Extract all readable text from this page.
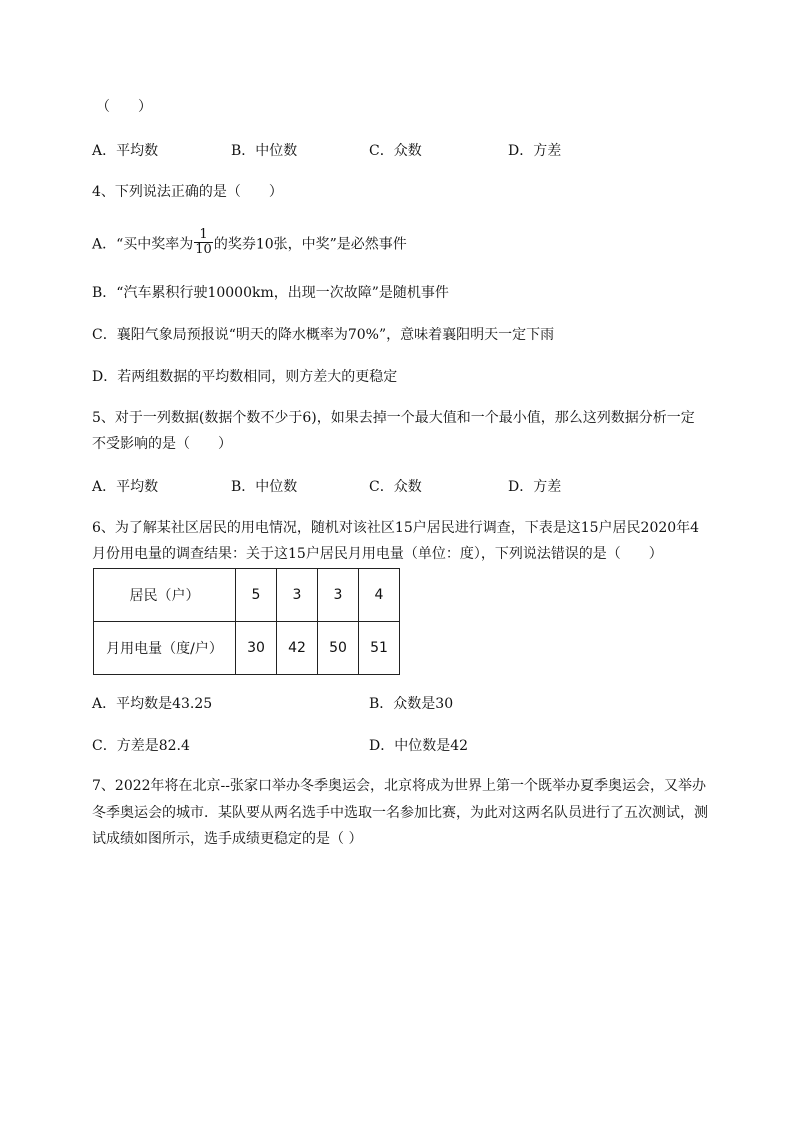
（　　）
A．平均数	B．中位数	C．众数	D．方差
4、下列说法正确的是（　　）
A．“买中奖率为 $\frac{1}{10}$ 的奖券10张，中奖”是必然事件
B．“汽车累积行驶10000km，出现一次故障”是随机事件
C．襄阳气象局预报说“明天的降水概率为70%”，意味着襄阳明天一定下雨
D．若两组数据的平均数相同，则方差大的更稳定
5、对于一列数据(数据个数不少于6)，如果去掉一个最大值和一个最小值，那么这列数据分析一定
不受影响的是（　　）
A．平均数	B．中位数	C．众数	D．方差
6、为了解某社区居民的用电情况，随机对该社区15户居民进行调查，下表是这15户居民2020年4
月份用电量的调查结果：关于这15户居民月用电量（单位：度），下列说法错误的是（　　）
居民（户）	5	3	3	4
月用电量（度/户）	30	42	50	51
A．平均数是43.25	B．众数是30
C．方差是82.4	D．中位数是42
7、2022年将在北京--张家口举办冬季奥运会，北京将成为世界上第一个既举办夏季奥运会，又举办
冬季奥运会的城市．某队要从两名选手中选取一名参加比赛，为此对这两名队员进行了五次测试，测
试成绩如图所示，选手成绩更稳定的是（ ）
